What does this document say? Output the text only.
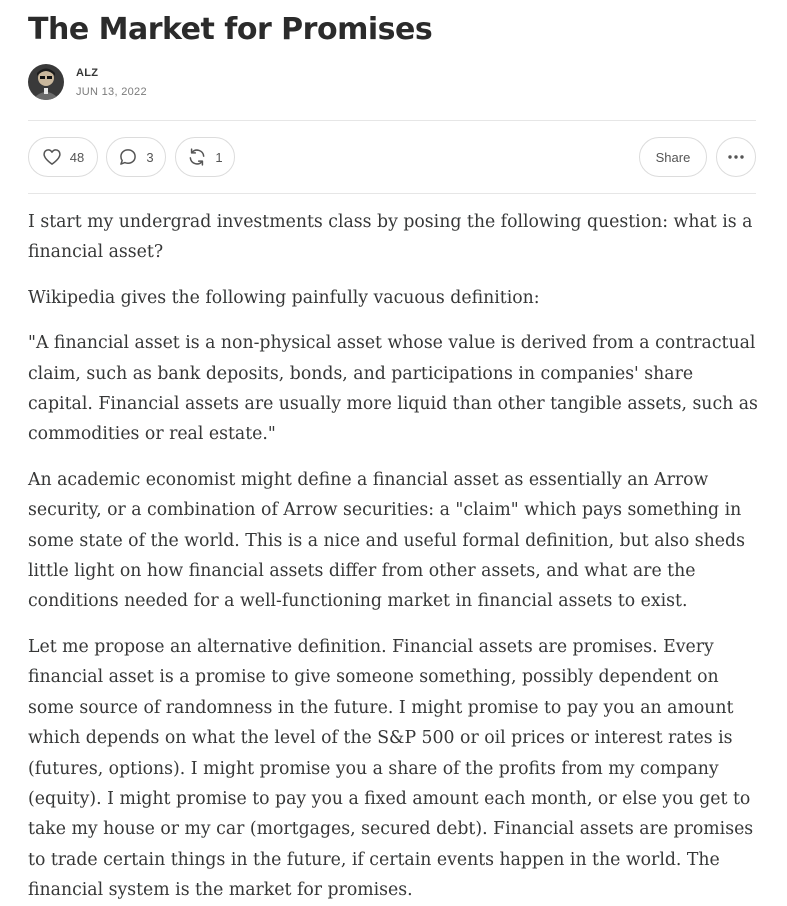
The Market for Promises
ALZ
JUN 13, 2022
48	3	1	Share

I start my undergrad investments class by posing the following question: what is a financial asset?

Wikipedia gives the following painfully vacuous definition:

"A financial asset is a non-physical asset whose value is derived from a contractual claim, such as bank deposits, bonds, and participations in companies' share capital. Financial assets are usually more liquid than other tangible assets, such as commodities or real estate."

An academic economist might define a financial asset as essentially an Arrow security, or a combination of Arrow securities: a "claim" which pays something in some state of the world. This is a nice and useful formal definition, but also sheds little light on how financial assets differ from other assets, and what are the conditions needed for a well-functioning market in financial assets to exist.

Let me propose an alternative definition. Financial assets are promises. Every financial asset is a promise to give someone something, possibly dependent on some source of randomness in the future. I might promise to pay you an amount which depends on what the level of the S&P 500 or oil prices or interest rates is (futures, options). I might promise you a share of the profits from my company (equity). I might promise to pay you a fixed amount each month, or else you get to take my house or my car (mortgages, secured debt). Financial assets are promises to trade certain things in the future, if certain events happen in the world. The financial system is the market for promises.
